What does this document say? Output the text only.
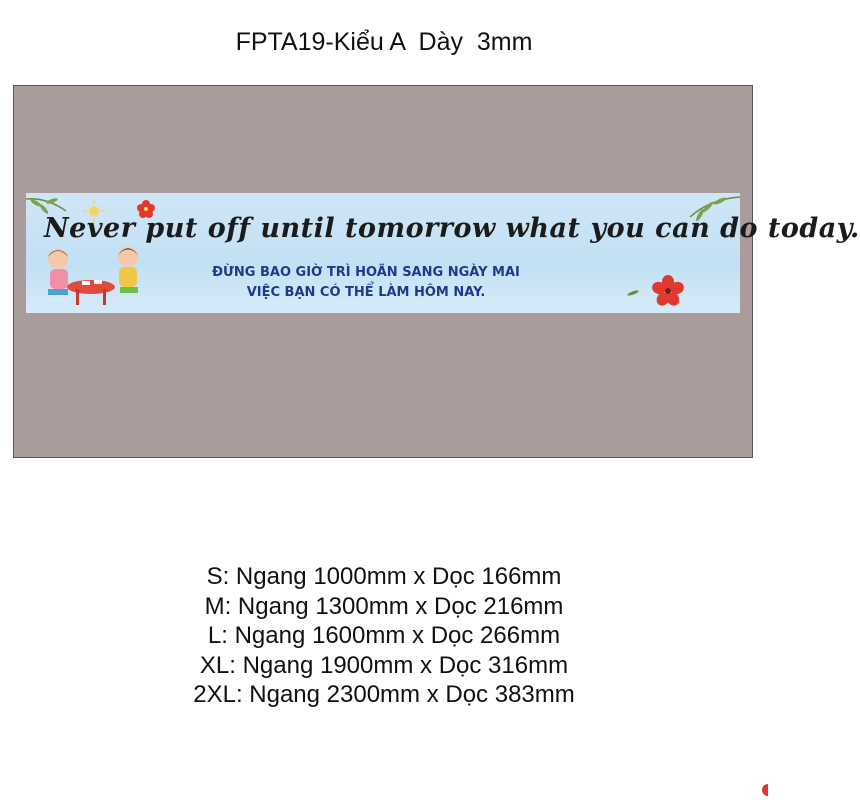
FPTA19-Kiểu A  Dày  3mm
Never put off until tomorrow what you can do today.
ĐỪNG BAO GIỜ TRÌ HOÃN SANG NGÀY MAI
VIỆC BẠN CÓ THỂ LÀM HÔM NAY.
S: Ngang 1000mm x Dọc 166mm
M: Ngang 1300mm x Dọc 216mm
L: Ngang 1600mm x Dọc 266mm
XL: Ngang 1900mm x Dọc 316mm
2XL: Ngang 2300mm x Dọc 383mm
